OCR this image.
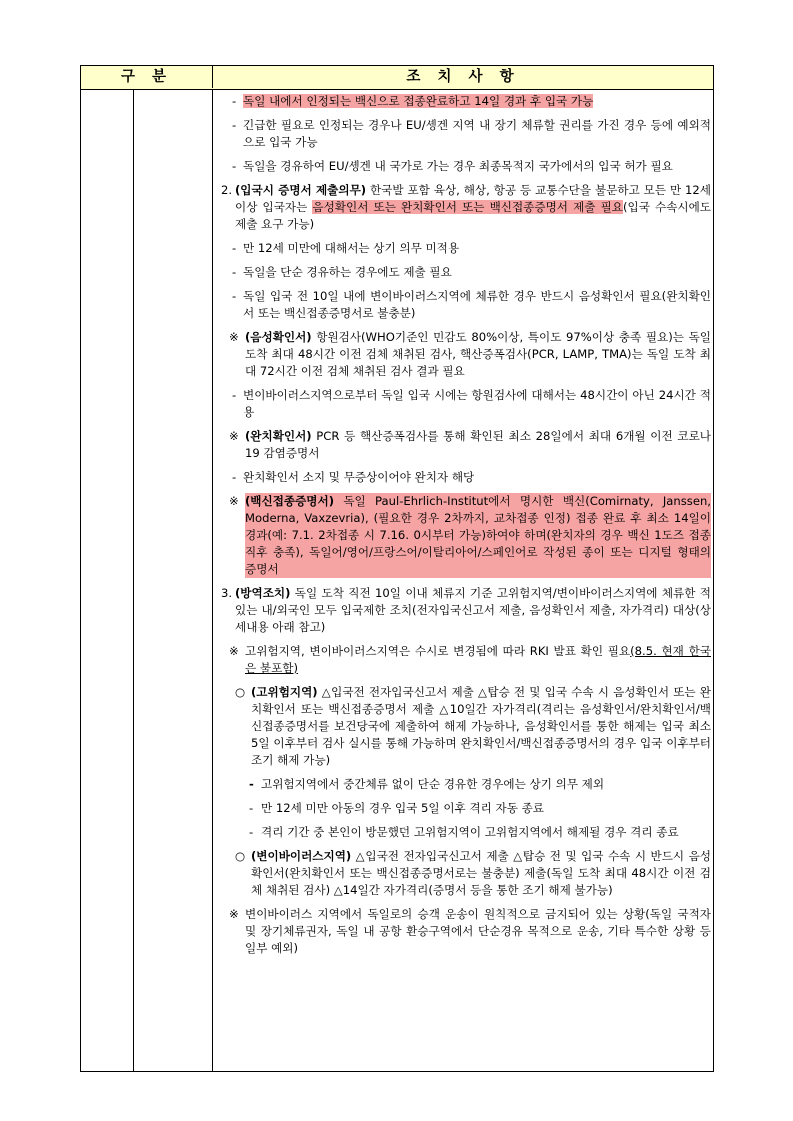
구 분	조 치 사 항
- 독일 내에서 인정되는 백신으로 접종완료하고 14일 경과 후 입국 가능
- 긴급한 필요로 인정되는 경우나 EU/솅겐 지역 내 장기 체류할 권리를 가진 경우 등에 예외적으로 입국 가능
- 독일을 경유하여 EU/솅겐 내 국가로 가는 경우 최종목적지 국가에서의 입국 허가 필요
2. (입국시 증명서 제출의무) 한국발 포함 육상, 해상, 항공 등 교통수단을 불문하고 모든 만 12세 이상 입국자는 음성확인서 또는 완치확인서 또는 백신접종증명서 제출 필요(입국 수속시에도 제출 요구 가능)
- 만 12세 미만에 대해서는 상기 의무 미적용
- 독일을 단순 경유하는 경우에도 제출 필요
- 독일 입국 전 10일 내에 변이바이러스지역에 체류한 경우 반드시 음성확인서 필요(완치확인서 또는 백신접종증명서로 불충분)
※ (음성확인서) 항원검사(WHO기준인 민감도 80%이상, 특이도 97%이상 충족 필요)는 독일 도착 최대 48시간 이전 검체 채취된 검사, 핵산증폭검사(PCR, LAMP, TMA)는 독일 도착 최대 72시간 이전 검체 채취된 검사 결과 필요
- 변이바이러스지역으로부터 독일 입국 시에는 항원검사에 대해서는 48시간이 아닌 24시간 적용
※ (완치확인서) PCR 등 핵산증폭검사를 통해 확인된 최소 28일에서 최대 6개월 이전 코로나19 감염증명서
- 완치확인서 소지 및 무증상이어야 완치자 해당
※ (백신접종증명서) 독일 Paul-Ehrlich-Institut에서 명시한 백신(Comirnaty, Janssen, Moderna, Vaxzevria), (필요한 경우 2차까지, 교차접종 인정) 접종 완료 후 최소 14일이 경과(예: 7.1. 2차접종 시 7.16. 0시부터 가능)하여야 하며(완치자의 경우 백신 1도즈 접종 직후 충족), 독일어/영어/프랑스어/이탈리아어/스페인어로 작성된 종이 또는 디지털 형태의 증명서
3. (방역조치) 독일 도착 직전 10일 이내 체류지 기준 고위험지역/변이바이러스지역에 체류한 적 있는 내/외국인 모두 입국제한 조치(전자입국신고서 제출, 음성확인서 제출, 자가격리) 대상(상세내용 아래 참고)
※ 고위험지역, 변이바이러스지역은 수시로 변경됨에 따라 RKI 발표 확인 필요(8.5. 현재 한국은 불포함)
○ (고위험지역) △입국전 전자입국신고서 제출 △탑승 전 및 입국 수속 시 음성확인서 또는 완치확인서 또는 백신접종증명서 제출 △10일간 자가격리(격리는 음성확인서/완치확인서/백신접종증명서를 보건당국에 제출하여 해제 가능하나, 음성확인서를 통한 해제는 입국 최소 5일 이후부터 검사 실시를 통해 가능하며 완치확인서/백신접종증명서의 경우 입국 이후부터 조기 해제 가능)
- 고위험지역에서 중간체류 없이 단순 경유한 경우에는 상기 의무 제외
- 만 12세 미만 아동의 경우 입국 5일 이후 격리 자동 종료
- 격리 기간 중 본인이 방문했던 고위험지역이 고위험지역에서 해제될 경우 격리 종료
○ (변이바이러스지역) △입국전 전자입국신고서 제출 △탑승 전 및 입국 수속 시 반드시 음성확인서(완치확인서 또는 백신접종증명서로는 불충분) 제출(독일 도착 최대 48시간 이전 검체 채취된 검사) △14일간 자가격리(증명서 등을 통한 조기 해제 불가능)
※ 변이바이러스 지역에서 독일로의 승객 운송이 원칙적으로 금지되어 있는 상황(독일 국적자 및 장기체류권자, 독일 내 공항 환승구역에서 단순경유 목적으로 운송, 기타 특수한 상황 등 일부 예외)
